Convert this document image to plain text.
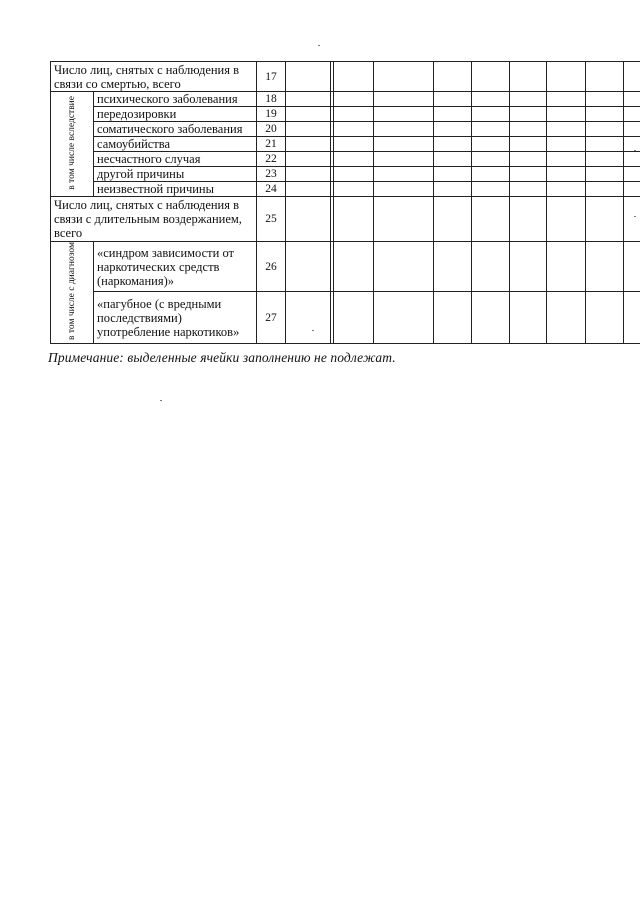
Число лиц, снятых с наблюдения в связи со смертью, всего		17										
в том числе вследствие	психического заболевания	18										
	передозировки	19										
	соматического заболевания	20										
	самоубийства	21										
	несчастного случая	22										
	другой причины	23										
	неизвестной причины	24										
Число лиц, снятых с наблюдения в связи с длительным воздержанием, всего		25										
в том числе с диагнозом	«синдром зависимости от наркотических средств (наркомания)»	26										
	«пагубное (с вредными последствиями) употребление наркотиков»	27										
Примечание: выделенные ячейки заполнению не подлежат.
